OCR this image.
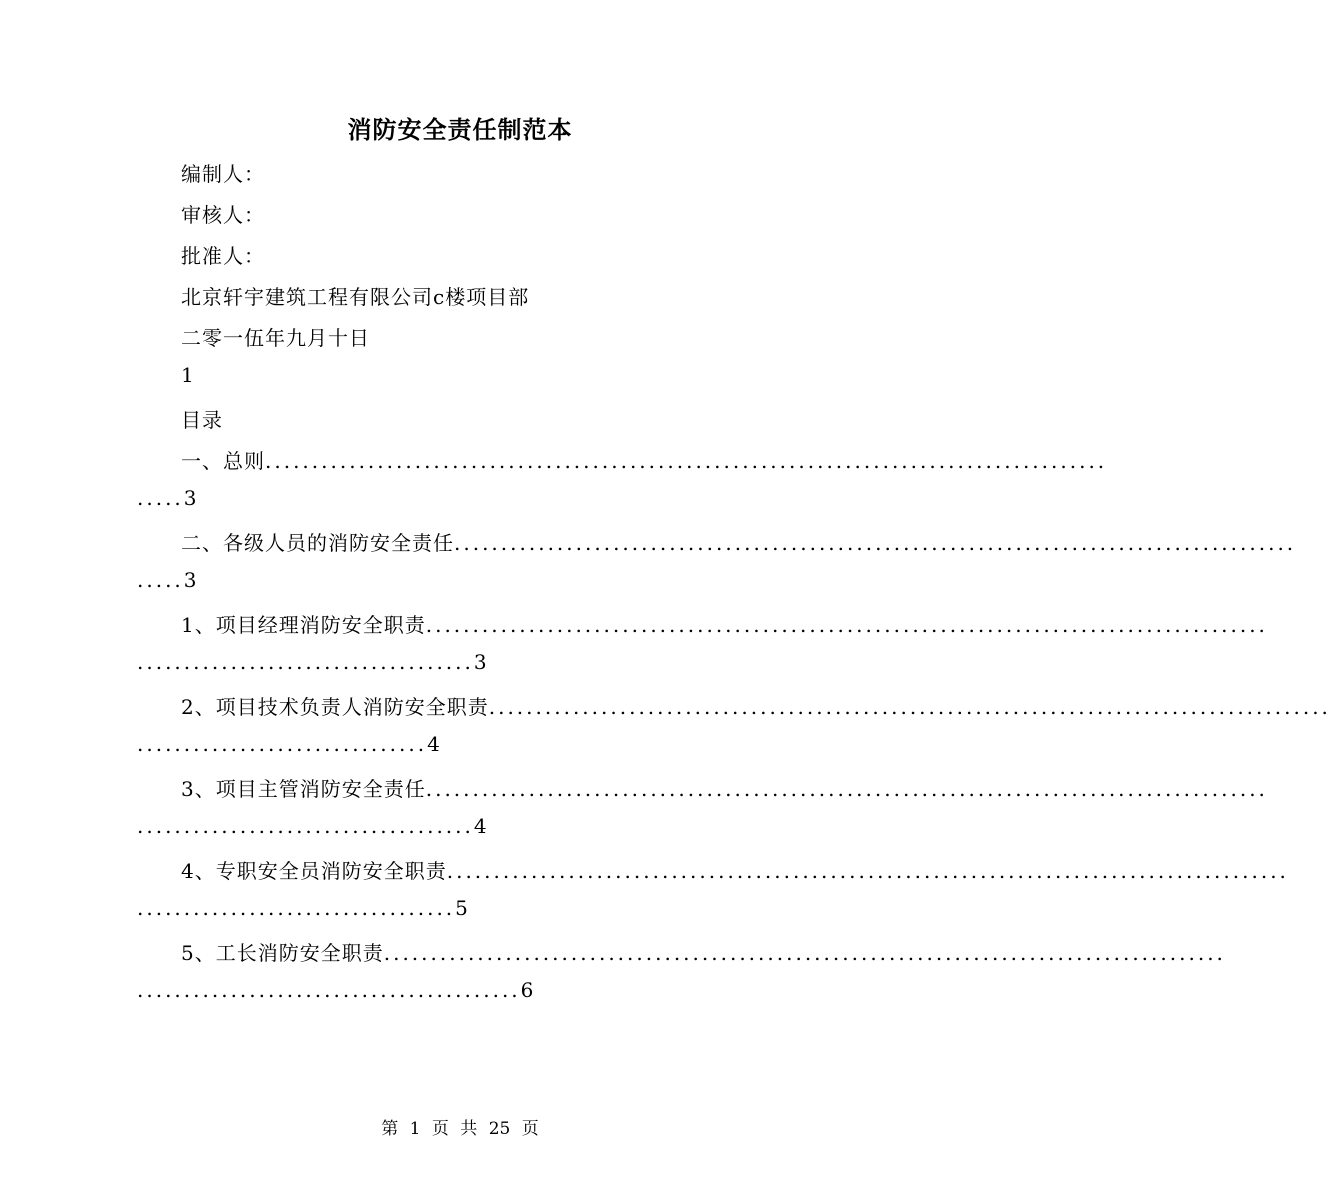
消防安全责任制范本
编制人：
审核人：
批准人：
北京轩宇建筑工程有限公司c楼项目部
二零一伍年九月十日
1
目录
一、总则..........................................................................................
.....3
二、各级人员的消防安全责任..........................................................................................
.....3
1、项目经理消防安全职责..........................................................................................
....................................3
2、项目技术负责人消防安全职责..........................................................................................
...............................4
3、项目主管消防安全责任..........................................................................................
....................................4
4、专职安全员消防安全职责..........................................................................................
..................................5
5、工长消防安全职责..........................................................................................
.........................................6
第 1 页 共 25 页
